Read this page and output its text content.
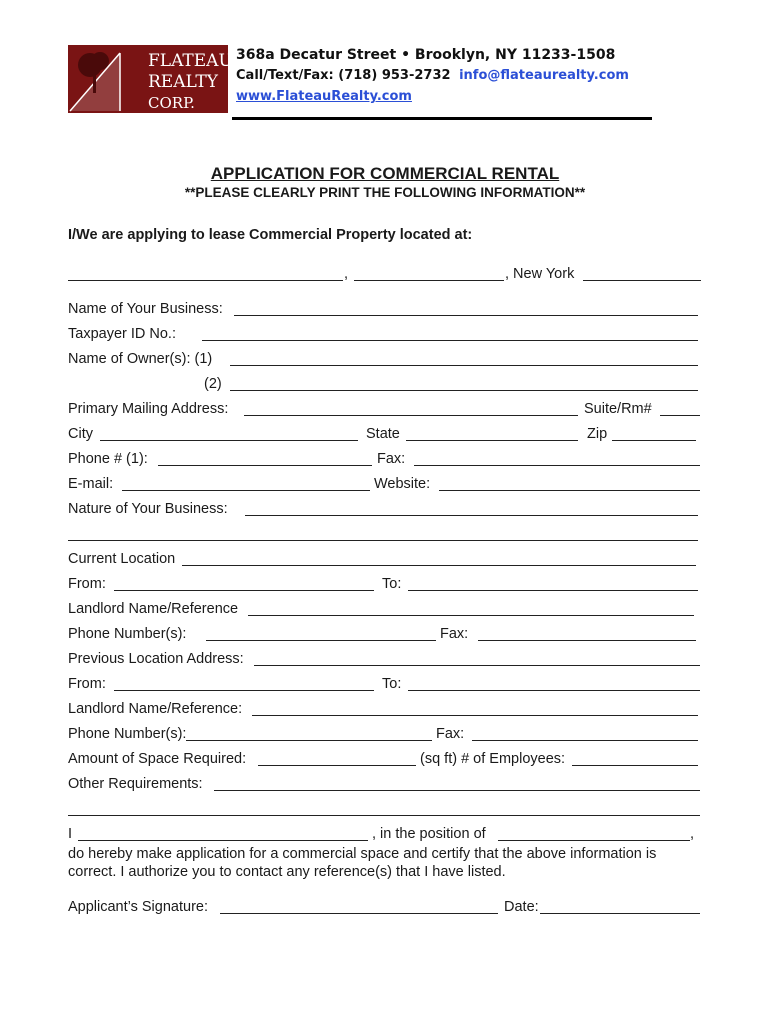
FLATEAU
REALTY
CORP.
368a Decatur Street • Brooklyn, NY 11233-1508
Call/Text/Fax: (718) 953-2732 info@flateaurealty.com
www.FlateauRealty.com
APPLICATION FOR COMMERCIAL RENTAL
**PLEASE CLEARLY PRINT THE FOLLOWING INFORMATION**
I/We are applying to lease Commercial Property located at:
,	, New York
Name of Your Business:
Taxpayer ID No.:
Name of Owner(s): (1)
(2)
Primary Mailing Address:	Suite/Rm#
City	State	Zip
Phone # (1):	Fax:
E-mail:	Website:
Nature of Your Business:
Current Location
From:	To:
Landlord Name/Reference
Phone Number(s):	Fax:
Previous Location Address:
From:	To:
Landlord Name/Reference:
Phone Number(s):	Fax:
Amount of Space Required:	(sq ft) # of Employees:
Other Requirements:
I	, in the position of	,
do hereby make application for a commercial space and certify that the above information is correct. I authorize you to contact any reference(s) that I have listed.
Applicant’s Signature:	Date:
